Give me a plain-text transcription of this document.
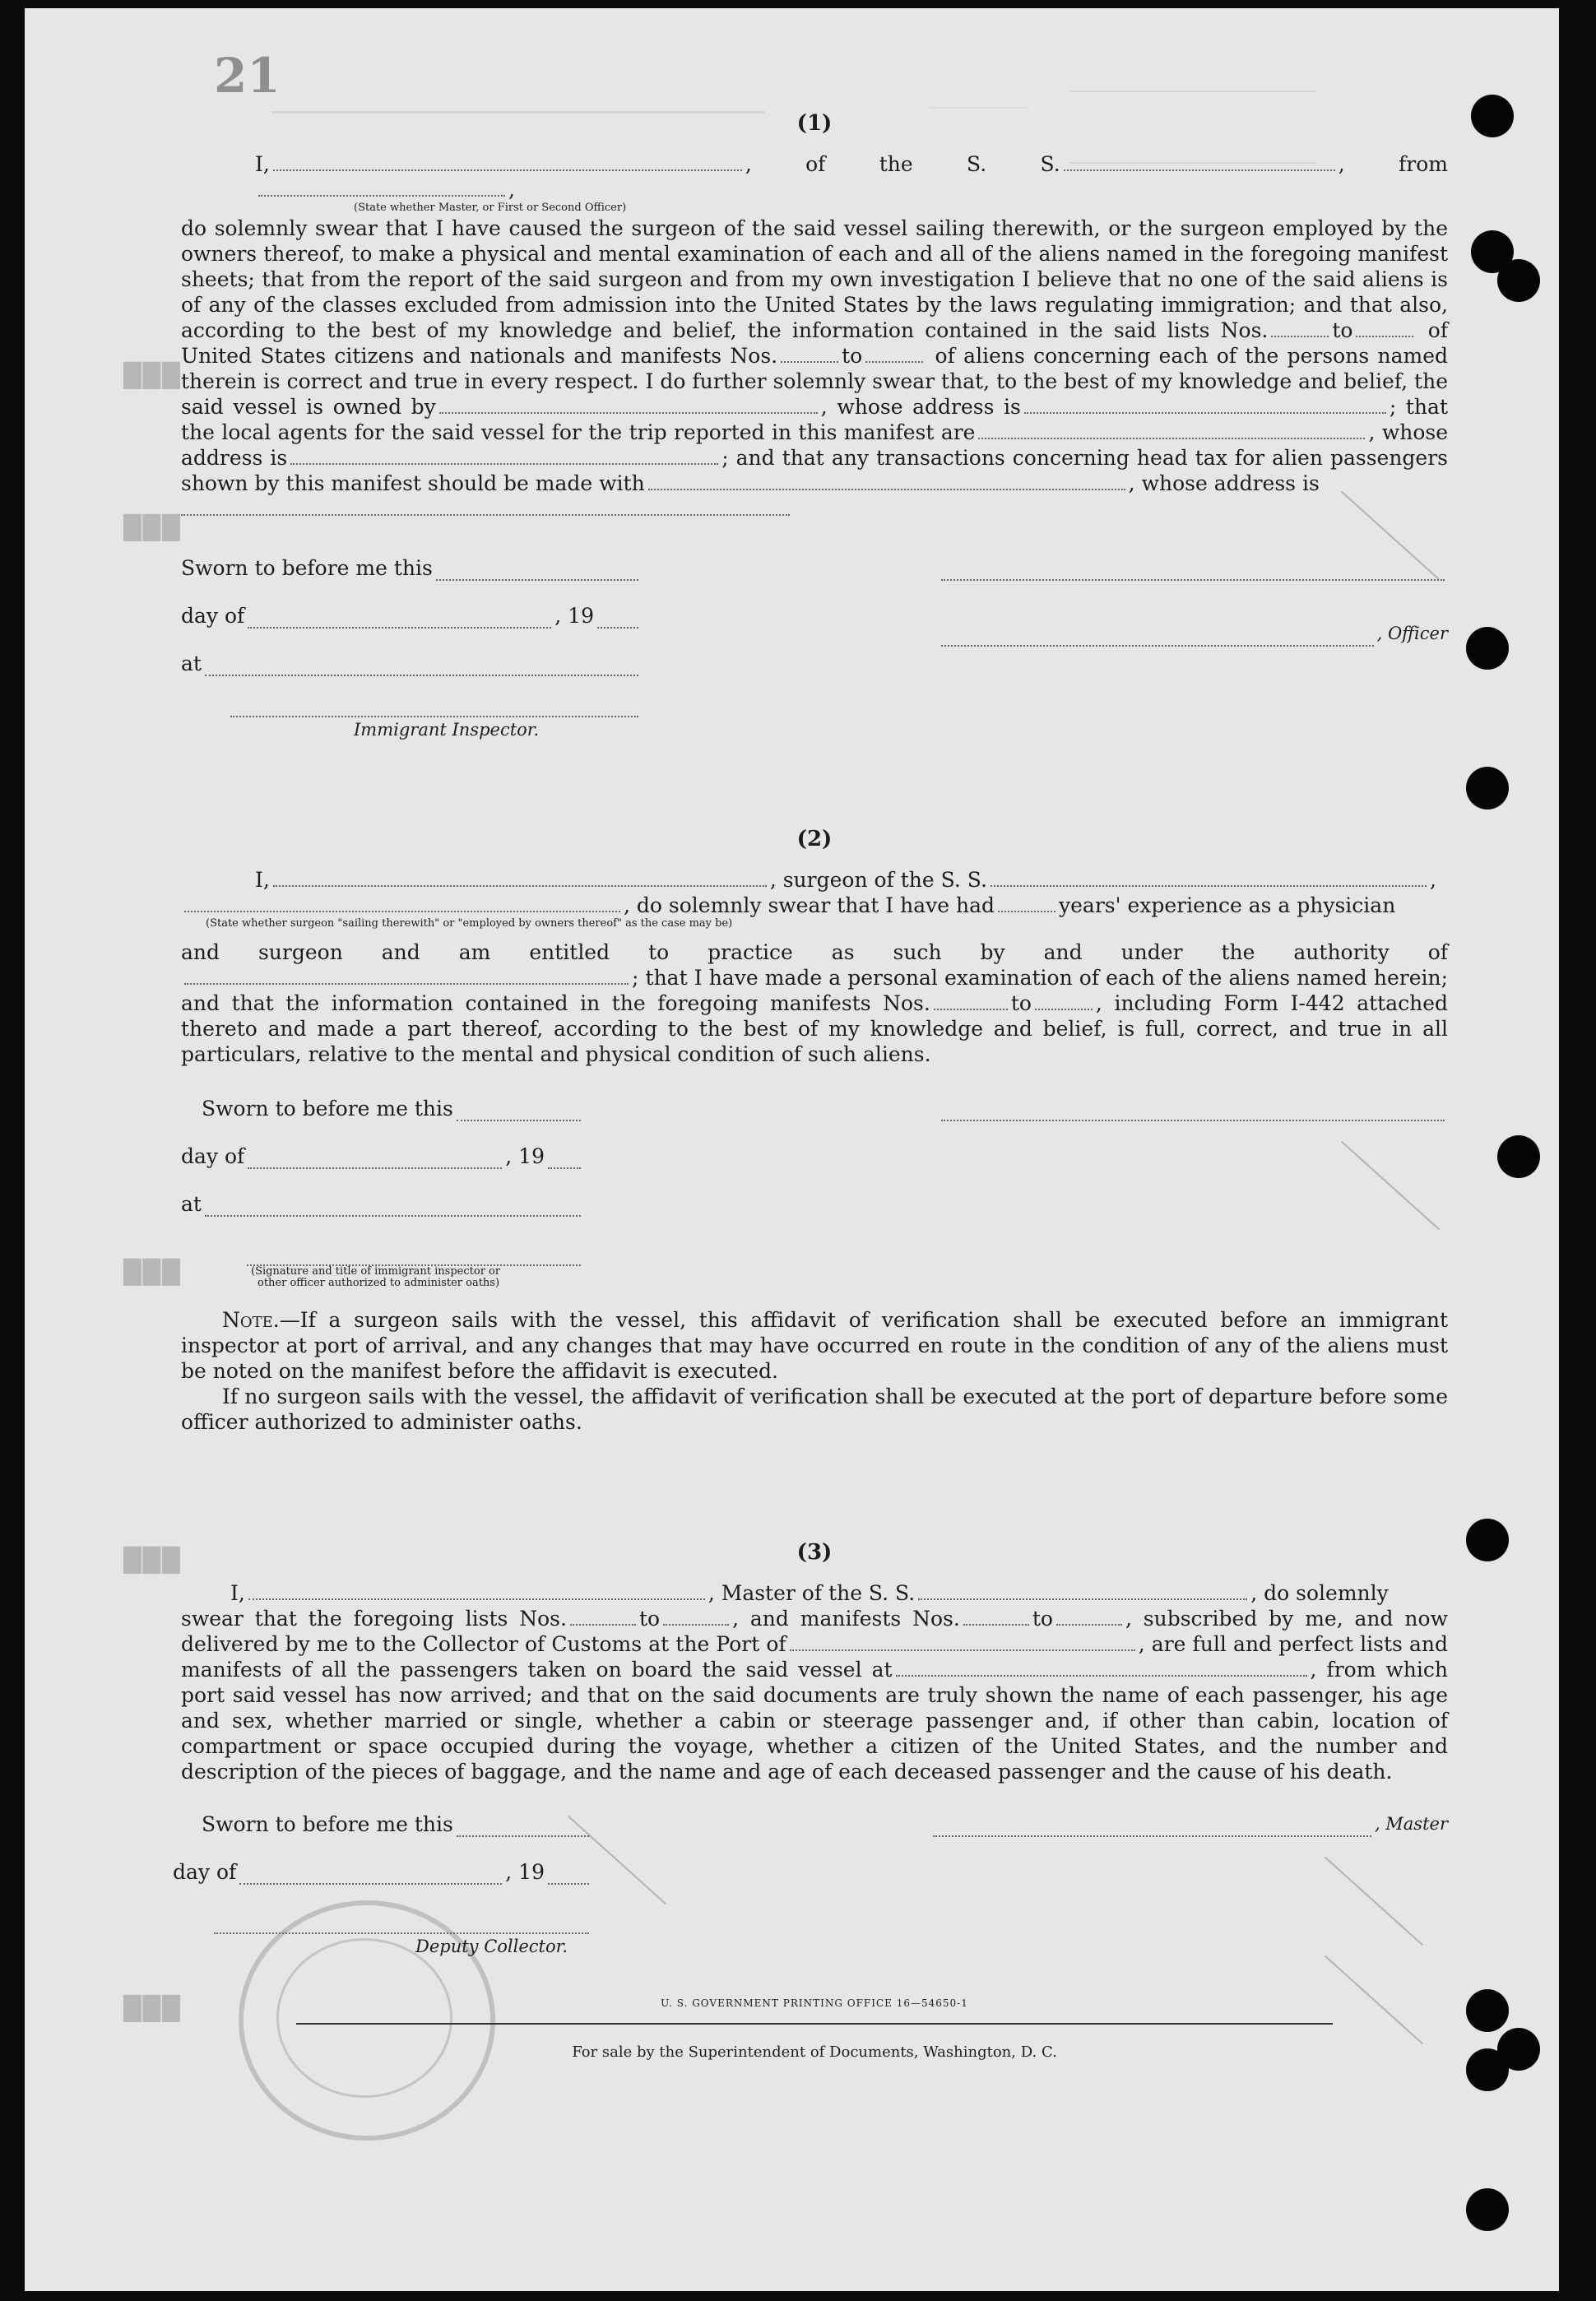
21
███
███
███
███
███
(1)

I,	, of the S. S.	, from,

(State whether Master, or First or Second Officer)

do solemnly swear that I have caused the surgeon of the said vessel sailing therewith, or the surgeon employed by the owners thereof, to make a physical and mental examination of each and all of the aliens named in the foregoing manifest sheets; that from the report of the said surgeon and from my own investigation I believe that no one of the said aliens is of any of the classes excluded from admission into the United States by the laws regulating immigration; and that also, according to the best of my knowledge and belief, the information contained in the said lists Nos.	to	of United States citizens and nationals and manifests Nos.	to	of aliens concerning each of the persons named therein is correct and true in every respect. I do further solemnly swear that, to the best of my knowledge and belief, the said vessel is owned by	, whose address is	; that the local agents for the said vessel for the trip reported in this manifest are	, whose address is	; and that any transactions concerning head tax for alien passengers shown by this manifest should be made with	, whose address is

Sworn to before me this
day of	, 19
at
Immigrant Inspector.
, Officer
(2)

I,	, surgeon of the S. S.	,

, do solemnly swear that I have had	years' experience as a physician

(State whether surgeon "sailing therewith" or "employed by owners thereof" as the case may be)

and surgeon and am entitled to practice as such by and under the authority of; that I have made a personal examination of each of the aliens named herein; and that the information contained in the foregoing manifests Nos.	to	, including Form I-442 attached thereto and made a part thereof, according to the best of my knowledge and belief, is full, correct, and true in all particulars, relative to the mental and physical condition of such aliens.

Sworn to before me this
day of	, 19
at
(Signature and title of immigrant inspector or
other officer authorized to administer oaths)

Note.—If a surgeon sails with the vessel, this affidavit of verification shall be executed before an immigrant inspector at port of arrival, and any changes that may have occurred en route in the condition of any of the aliens must be noted on the manifest before the affidavit is executed.

If no surgeon sails with the vessel, the affidavit of verification shall be executed at the port of departure before some officer authorized to administer oaths.

(3)

I,	, Master of the S. S.	, do solemnly

swear that the foregoing lists Nos.	to	, and manifests Nos.	to	, subscribed by me, and now delivered by me to the Collector of Customs at the Port of	, are full and perfect lists and manifests of all the passengers taken on board the said vessel at	, from which port said vessel has now arrived; and that on the said documents are truly shown the name of each passenger, his age and sex, whether married or single, whether a cabin or steerage passenger and, if other than cabin, location of compartment or space occupied during the voyage, whether a citizen of the United States, and the number and description of the pieces of baggage, and the name and age of each deceased passenger and the cause of his death.

Sworn to before me this
day of	, 19
Deputy Collector.
, Master
U. S. GOVERNMENT PRINTING OFFICE 16—54650-1
For sale by the Superintendent of Documents, Washington, D. C.
